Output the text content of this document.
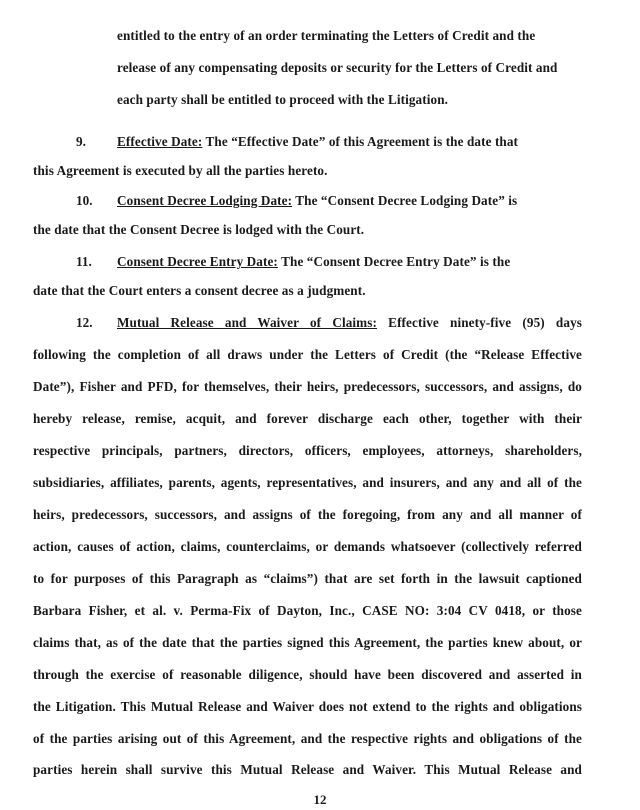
entitled to the entry of an order terminating the Letters of Credit and the
release of any compensating deposits or security for the Letters of Credit and
each party shall be entitled to proceed with the Litigation.
9. Effective Date: The “Effective Date” of this Agreement is the date that
this Agreement is executed by all the parties hereto.
10. Consent Decree Lodging Date: The “Consent Decree Lodging Date” is
the date that the Consent Decree is lodged with the Court.
11. Consent Decree Entry Date: The “Consent Decree Entry Date” is the
date that the Court enters a consent decree as a judgment.
12. Mutual Release and Waiver of Claims: Effective ninety-five (95) days
following the completion of all draws under the Letters of Credit (the “Release Effective
Date”), Fisher and PFD, for themselves, their heirs, predecessors, successors, and assigns, do
hereby release, remise, acquit, and forever discharge each other, together with their
respective principals, partners, directors, officers, employees, attorneys, shareholders,
subsidiaries, affiliates, parents, agents, representatives, and insurers, and any and all of the
heirs, predecessors, successors, and assigns of the foregoing, from any and all manner of
action, causes of action, claims, counterclaims, or demands whatsoever (collectively referred
to for purposes of this Paragraph as “claims”) that are set forth in the lawsuit captioned
Barbara Fisher, et al. v. Perma-Fix of Dayton, Inc., CASE NO: 3:04 CV 0418, or those
claims that, as of the date that the parties signed this Agreement, the parties knew about, or
through the exercise of reasonable diligence, should have been discovered and asserted in
the Litigation. This Mutual Release and Waiver does not extend to the rights and obligations
of the parties arising out of this Agreement, and the respective rights and obligations of the
parties herein shall survive this Mutual Release and Waiver. This Mutual Release and
12
